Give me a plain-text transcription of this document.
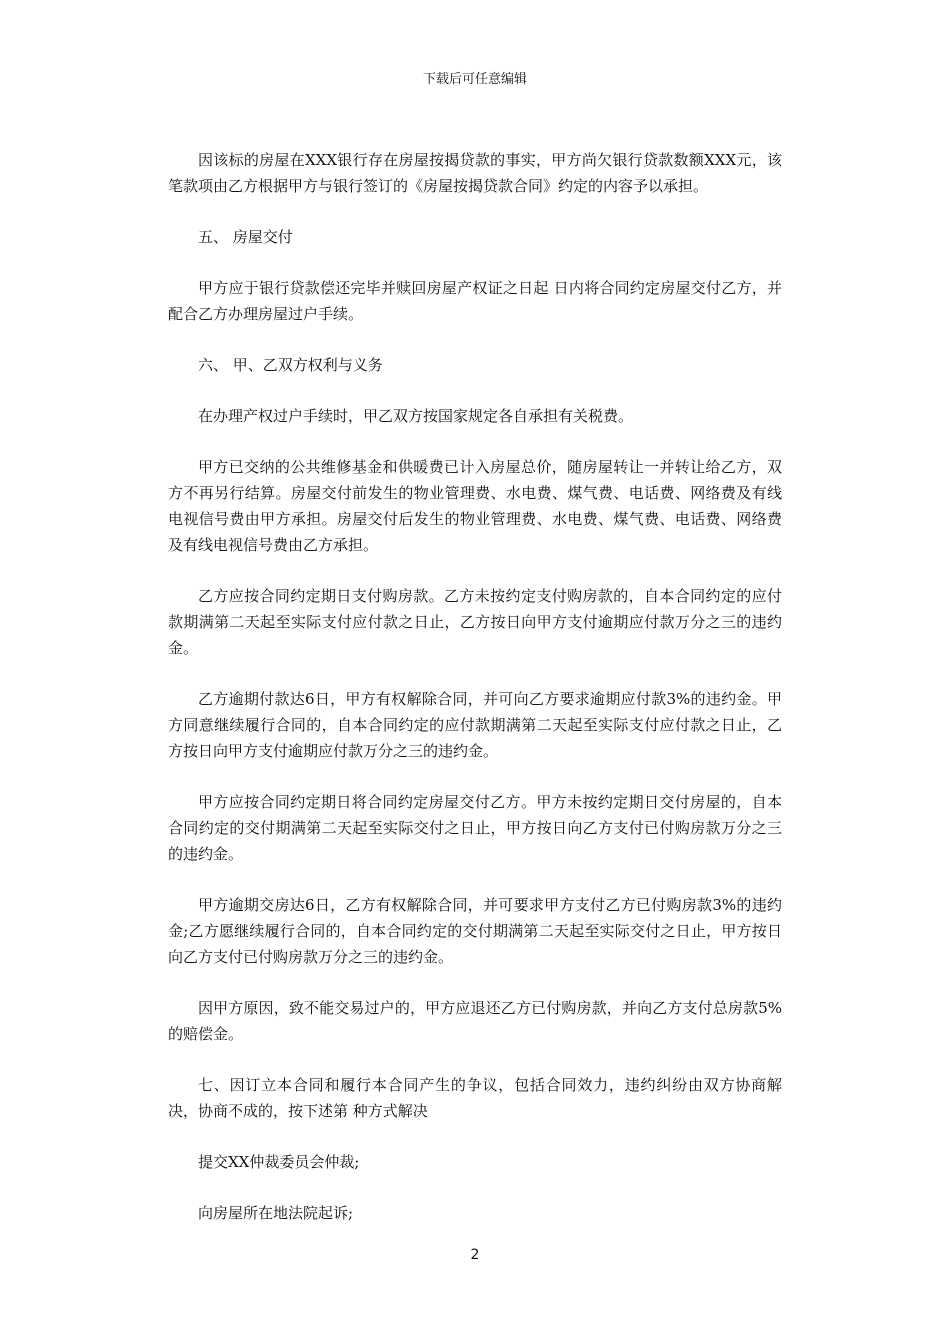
下载后可任意编辑

因该标的房屋在XXX银行存在房屋按揭贷款的事实，甲方尚欠银行贷款数额XXX元，该笔款项由乙方根据甲方与银行签订的《房屋按揭贷款合同》约定的内容予以承担。

五、 房屋交付

甲方应于银行贷款偿还完毕并赎回房屋产权证之日起 日内将合同约定房屋交付乙方，并配合乙方办理房屋过户手续。

六、 甲、乙双方权利与义务

在办理产权过户手续时，甲乙双方按国家规定各自承担有关税费。

甲方已交纳的公共维修基金和供暖费已计入房屋总价，随房屋转让一并转让给乙方，双方不再另行结算。房屋交付前发生的物业管理费、水电费、煤气费、电话费、网络费及有线电视信号费由甲方承担。房屋交付后发生的物业管理费、水电费、煤气费、电话费、网络费及有线电视信号费由乙方承担。

乙方应按合同约定期日支付购房款。乙方未按约定支付购房款的，自本合同约定的应付款期满第二天起至实际支付应付款之日止，乙方按日向甲方支付逾期应付款万分之三的违约金。

乙方逾期付款达6日，甲方有权解除合同，并可向乙方要求逾期应付款3%的违约金。甲方同意继续履行合同的，自本合同约定的应付款期满第二天起至实际支付应付款之日止，乙方按日向甲方支付逾期应付款万分之三的违约金。

甲方应按合同约定期日将合同约定房屋交付乙方。甲方未按约定期日交付房屋的，自本合同约定的交付期满第二天起至实际交付之日止，甲方按日向乙方支付已付购房款万分之三的违约金。

甲方逾期交房达6日，乙方有权解除合同，并可要求甲方支付乙方已付购房款3%的违约金;乙方愿继续履行合同的，自本合同约定的交付期满第二天起至实际交付之日止，甲方按日向乙方支付已付购房款万分之三的违约金。

因甲方原因，致不能交易过户的，甲方应退还乙方已付购房款，并向乙方支付总房款5%的赔偿金。

七、因订立本合同和履行本合同产生的争议，包括合同效力，违约纠纷由双方协商解决，协商不成的，按下述第 种方式解决

提交XX仲裁委员会仲裁;

向房屋所在地法院起诉;

2
